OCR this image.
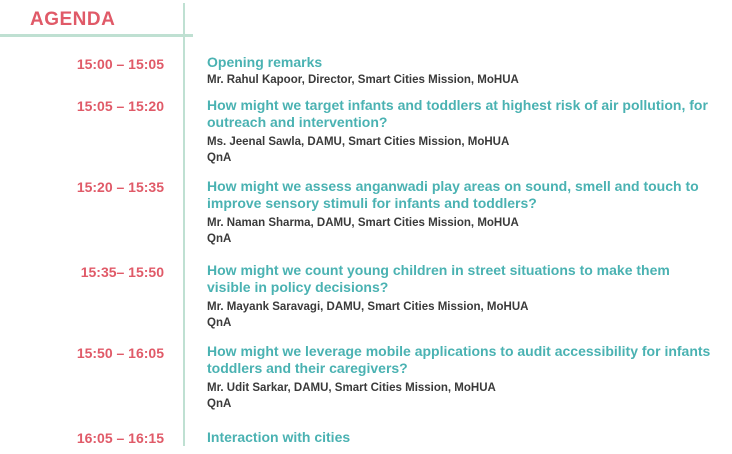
AGENDA
15:00 – 15:05	Opening remarks
Mr. Rahul Kapoor, Director, Smart Cities Mission, MoHUA
15:05 – 15:20	How might we target infants and toddlers at highest risk of air pollution, for outreach and intervention?
Ms. Jeenal Sawla, DAMU, Smart Cities Mission, MoHUA
QnA
15:20 – 15:35	How might we assess anganwadi play areas on sound, smell and touch to improve sensory stimuli for infants and toddlers?
Mr. Naman Sharma, DAMU, Smart Cities Mission, MoHUA
QnA
15:35– 15:50	How might we count young children in street situations to make them visible in policy decisions?
Mr. Mayank Saravagi, DAMU, Smart Cities Mission, MoHUA
QnA
15:50 – 16:05	How might we leverage mobile applications to audit accessibility for infants toddlers and their caregivers?
Mr. Udit Sarkar, DAMU, Smart Cities Mission, MoHUA
QnA
16:05 – 16:15	Interaction with cities
